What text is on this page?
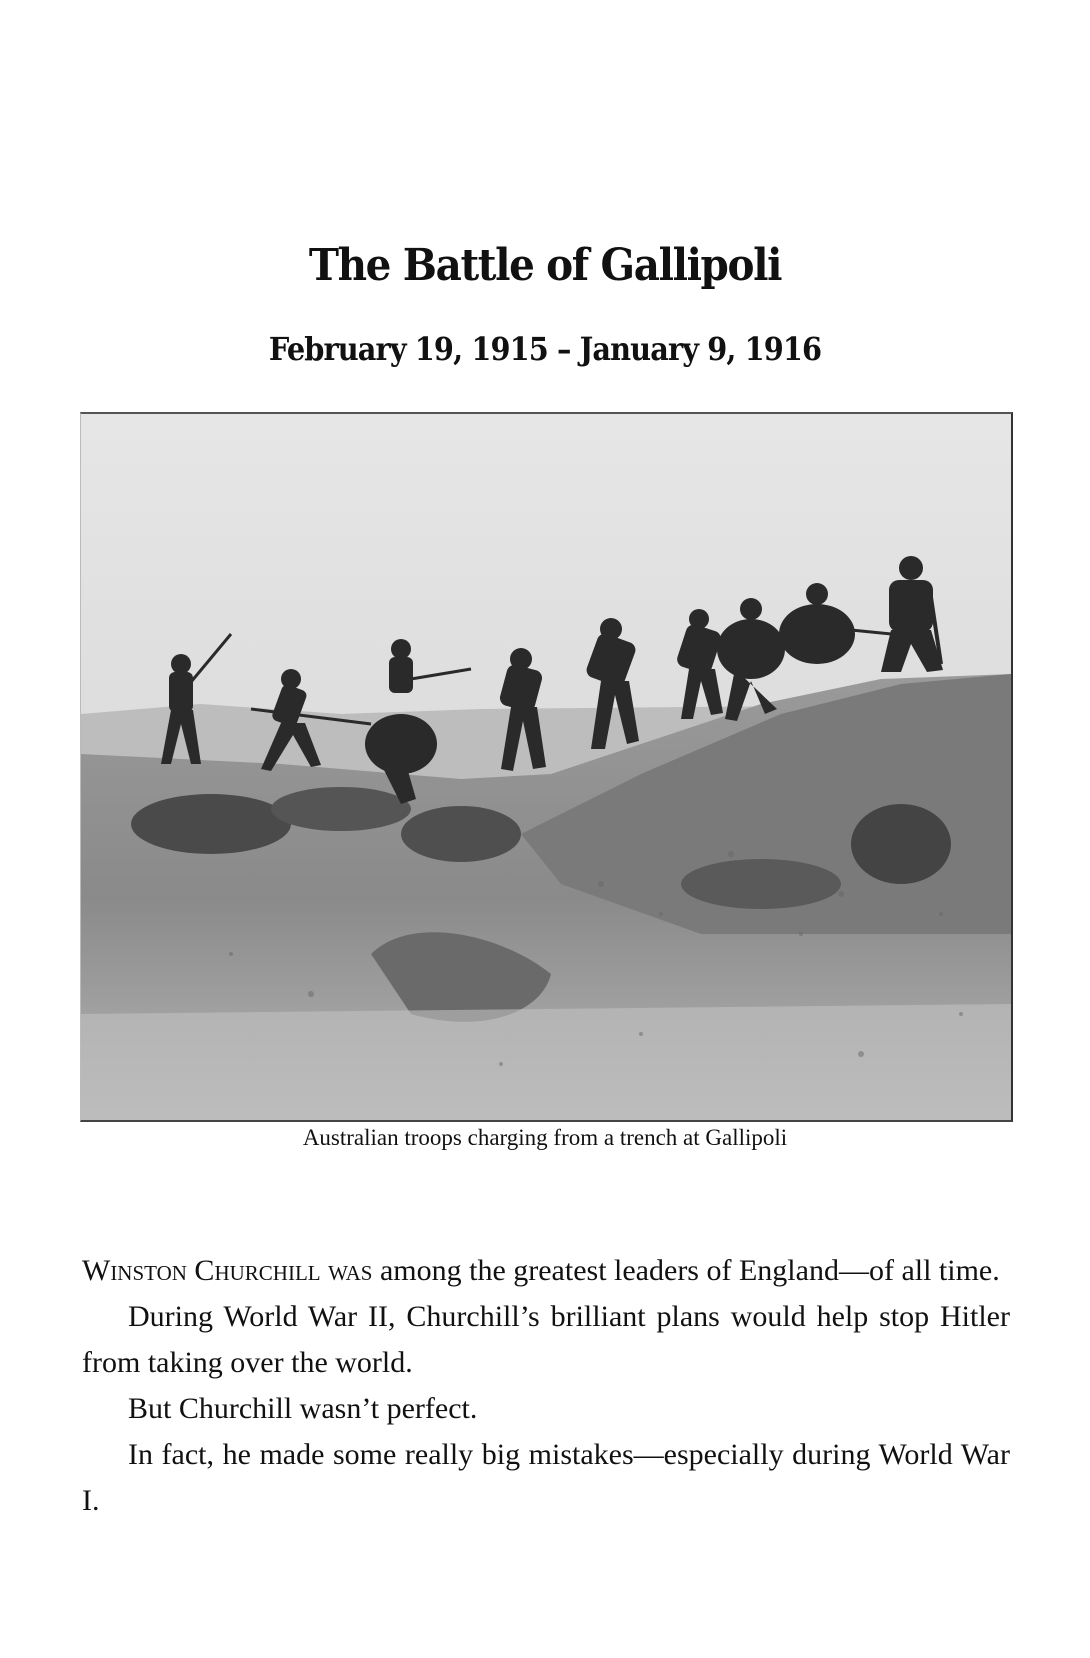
The Battle of Gallipoli
February 19, 1915 – January 9, 1916
Australian troops charging from a trench at Gallipoli

Winston Churchill was among the greatest leaders of England—of all time.

During World War II, Churchill’s brilliant plans would help stop Hitler from taking over the world.

But Churchill wasn’t perfect.

In fact, he made some really big mistakes—especially during World War I.
